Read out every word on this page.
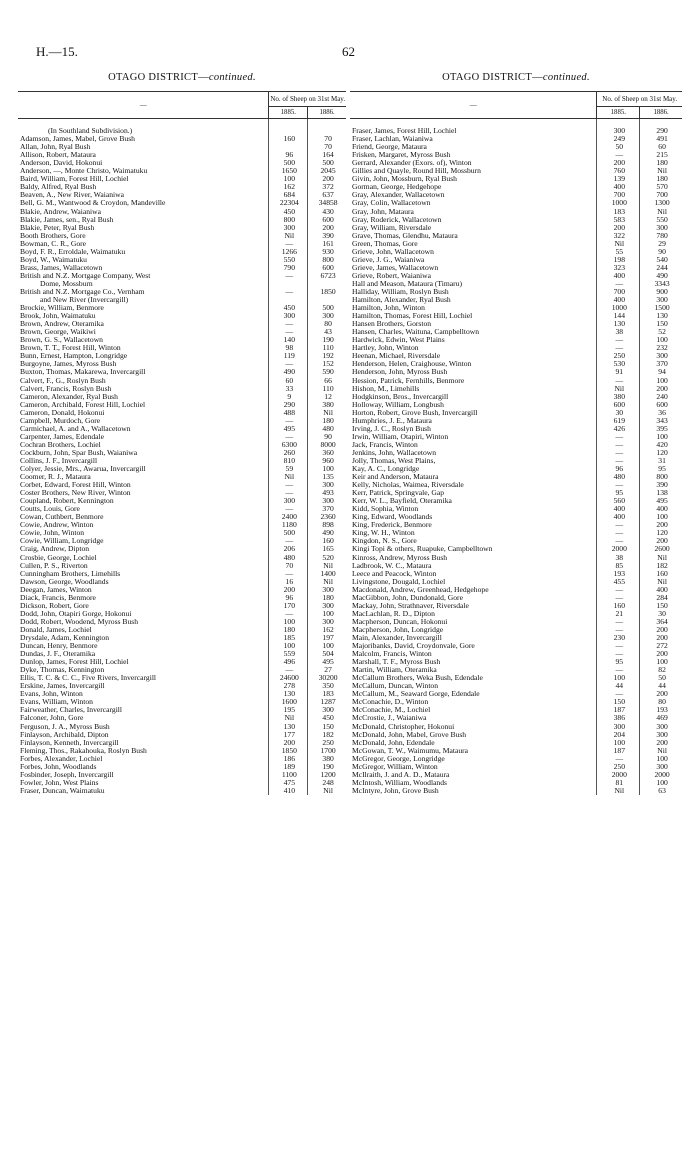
H.—15.	62
OTAGO DISTRICT—continued.
—	No. of Sheep on 31st May.	
	1885.	1886.

(In Southland Subdivision.)		
Adamson, James, Mabel, Grove Bush	160	70
Allan, John, Ryal Bush		70
Allison, Robert, Mataura	96	164
Anderson, David, Hokonui	500	500
Anderson, —, Monte Christo, Waimatuku	1650	2045
Baird, William, Forest Hill, Lochiel	100	200
Baldy, Alfred, Ryal Bush	162	372
Beaven, A., New River, Waianiwa	684	637
Bell, G. M., Wantwood & Croydon, Mandeville	22304	34858
Blakie, Andrew, Waianiwa	450	430
Blakie, James, sen., Ryal Bush	800	600
Blakie, Peter, Ryal Bush	300	200
Booth Brothers, Gore	Nil	390
Bowman, C. R., Gore	—	161
Boyd, F. R., Erroldale, Waimatuku	1266	930
Boyd, W., Waimatuku	550	800
Brass, James, Wallacetown	790	600
British and N.Z. Mortgage Company, West	—	6723
Dome, Mossburn		
British and N.Z. Mortgage Co., Vernham	—	1850
and New River (Invercargill)		
Brockie, William, Benmore	450	500
Brook, John, Waimatuku	300	300
Brown, Andrew, Oteramika	—	80
Brown, George, Waikiwi	—	43
Brown, G. S., Wallacetown	140	190
Brown, T. T., Forest Hill, Winton	98	110
Bunn, Ernest, Hampton, Longridge	119	192
Burgoyne, James, Myross Bush	—	152
Buxton, Thomas, Makarewa, Invercargill	490	590
Calvert, F., G., Roslyn Bush	60	66
Calvert, Francis, Roslyn Bush	33	110
Cameron, Alexander, Ryal Bush	9	12
Cameron, Archibald, Forest Hill, Lochiel	290	380
Cameron, Donald, Hokonui	488	Nil
Campbell, Murdoch, Gore	—	180
Carmichael, A. and A., Wallacetown	495	480
Carpenter, James, Edendale	—	90
Cochran Brothers, Lochiel	6300	8000
Cockburn, John, Spar Bush, Waianiwa	260	360
Collins, J. F., Invercargill	810	960
Colyer, Jessie, Mrs., Awarua, Invercargill	59	100
Coomer, R. J., Mataura	Nil	135
Corbet, Edward, Forest Hill, Winton	—	300
Coster Brothers, New River, Winton	—	493
Coupland, Robert, Kennington	300	300
Coutts, Louis, Gore	—	370
Cowan, Cuthbert, Benmore	2400	2360
Cowie, Andrew, Winton	1180	898
Cowie, John, Winton	500	490
Cowie, William, Longridge	—	160
Craig, Andrew, Dipton	206	165
Crosbie, George, Lochiel	480	520
Cullen, P. S., Riverton	70	Nil
Cunningham Brothers, Limehills	—	1400
Dawson, George, Woodlands	16	Nil
Deegan, James, Winton	200	300
Diack, Francis, Benmore	96	180
Dickson, Robert, Gore	170	300
Dodd, John, Otapiri Gorge, Hokonui	—	100
Dodd, Robert, Woodend, Myross Bush	100	300
Donald, James, Lochiel	180	162
Drysdale, Adam, Kennington	185	197
Duncan, Henry, Benmore	100	100
Dundas, J. F., Oteramika	559	504
Dunlop, James, Forest Hill, Lochiel	496	495
Dyke, Thomas, Kennington	—	27
Ellis, T. C. & C. C., Five Rivers, Invercargill	24600	30200
Erskine, James, Invercargill	278	350
Evans, John, Winton	130	183
Evans, William, Winton	1600	1287
Fairweather, Charles, Invercargill	195	300
Falconer, John, Gore	Nil	450
Ferguson, J. A., Myross Bush	130	150
Finlayson, Archibald, Dipton	177	182
Finlayson, Kenneth, Invercargill	200	250
Fleming, Thos., Rakahouka, Roslyn Bush	1850	1700
Forbes, Alexander, Lochiel	186	380
Forbes, John, Woodlands	189	190
Fosbinder, Joseph, Invercargill	1100	1200
Fowler, John, West Plains	475	248
Fraser, Duncan, Waimatuku	410	Nil
OTAGO DISTRICT—continued.
—	No. of Sheep on 31st May.	
	1885.	1886.

Fraser, James, Forest Hill, Lochiel	300	290
Fraser, Lachlan, Waianiwa	249	491
Friend, George, Mataura	50	60
Frisken, Margaret, Myross Bush	—	215
Gerrard, Alexander (Exors. of), Winton	200	180
Gillies and Quayle, Round Hill, Mossburn	760	Nil
Givin, John, Mossburn, Ryal Bush	139	180
Gorman, George, Hedgehope	400	570
Gray, Alexander, Wallacetown	700	700
Gray, Colin, Wallacetown	1000	1300
Gray, John, Mataura	183	Nil
Gray, Roderick, Wallacetown	583	550
Gray, William, Riversdale	200	300
Grave, Thomas, Glendhu, Mataura	322	780
Green, Thomas, Gore	Nil	29
Grieve, John, Wallacetown	55	90
Grieve, J. G., Waianiwa	198	540
Grieve, James, Wallacetown	323	244
Grieve, Robert, Waianiwa	400	490
Hall and Meason, Mataura (Timaru)	—	3343
Halliday, William, Roslyn Bush	700	900
Hamilton, Alexander, Ryal Bush	400	300
Hamilton, John, Winton	1000	1500
Hamilton, Thomas, Forest Hill, Lochiel	144	130
Hansen Brothers, Gorston	130	150
Hansen, Charles, Waituna, Campbelltown	38	52
Hardwick, Edwin, West Plains	—	100
Hartley, John, Winton	—	232
Heenan, Michael, Riversdale	250	300
Henderson, Helen, Craighouse, Winton	530	370
Henderson, John, Myross Bush	91	94
Hession, Patrick, Fernhills, Benmore	—	100
Hishon, M., Limehills	Nil	200
Hodgkinson, Bros., Invercargill	380	240
Holloway, William, Longbush	600	600
Horton, Robert, Grove Bush, Invercargill	30	36
Humphries, J. E., Mataura	619	343
Irving, J. C., Roslyn Bush	426	395
Irwin, William, Otapiri, Winton	—	100
Jack, Francis, Winton	—	420
Jenkins, John, Wallacetown	—	120
Jolly, Thomas, West Plains,	—	31
Kay, A. C., Longridge	96	95
Keir and Anderson, Mataura	480	800
Kelly, Nicholas, Waimea, Riversdale	—	390
Kerr, Patrick, Springvale, Gap	95	138
Kerr, W. L., Bayfield, Oteramika	560	495
Kidd, Sophia, Winton	400	400
King, Edward, Woodlands	400	100
King, Frederick, Benmore	—	200
King, W. H., Winton	—	120
Kingdon, N. S., Gore	—	200
Kingi Topi & others, Ruapuke, Campbelltown	2000	2600
Kinross, Andrew, Myross Bush	38	Nil
Ladbrook, W. C., Mataura	85	182
Leece and Peacock, Winton	193	160
Livingstone, Dougald, Lochiel	455	Nil
Macdonald, Andrew, Greenhead, Hedgehope	—	400
MacGibbon, John, Dundonald, Gore	—	284
Mackay, John, Strathnaver, Riversdale	160	150
MacLachlan, R. D., Dipton	21	30
Macpherson, Duncan, Hokonui	—	364
Macpherson, John, Longridge	—	200
Main, Alexander, Invercargill	230	200
Majoribanks, David, Croydonvale, Gore	—	272
Malcolm, Francis, Winton	—	200
Marshall, T. F., Myross Bush	95	100
Martin, William, Oteramika	—	82
McCallum Brothers, Weka Bush, Edendale	100	50
McCallum, Duncan, Winton	44	44
McCallum, M., Seaward Gorge, Edendale	—	200
McConachie, D., Winton	150	80
McConachie, M., Lochiel	187	193
McCrostie, J., Waianiwa	386	469
McDonald, Christopher, Hokonui	300	300
McDonald, John, Mabel, Grove Bush	204	300
McDonald, John, Edendale	100	200
McGowan, T. W., Waimumu, Mataura	187	Nil
McGregor, George, Longridge	—	100
McGregor, William, Winton	250	300
McIlraith, J. and A. D., Mataura	2000	2000
McIntosh, William, Woodlands	81	100
McIntyre, John, Grove Bush	Nil	63
